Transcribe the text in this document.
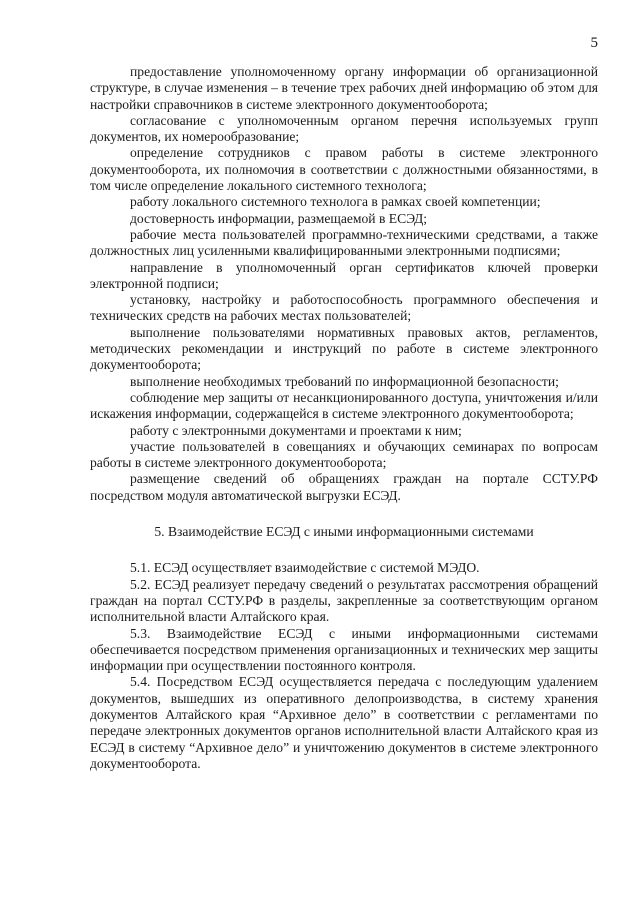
5

предоставление уполномоченному органу информации об организационной структуре, в случае изменения – в течение трех рабочих дней информацию об этом для настройки справочников в системе электронного документооборота;

согласование с уполномоченным органом перечня используемых групп документов, их номерообразование;

определение сотрудников с правом работы в системе электронного документооборота, их полномочия в соответствии с должностными обязанностями, в том числе определение локального системного технолога;

работу локального системного технолога в рамках своей компетенции;

достоверность информации, размещаемой в ЕСЭД;

рабочие места пользователей программно-техническими средствами, а также должностных лиц усиленными квалифицированными электронными подписями;

направление в уполномоченный орган сертификатов ключей проверки электронной подписи;

установку, настройку и работоспособность программного обеспечения и технических средств на рабочих местах пользователей;

выполнение пользователями нормативных правовых актов, регламентов, методических рекомендации и инструкций по работе в системе электронного документооборота;

выполнение необходимых требований по информационной безопасности;

соблюдение мер защиты от несанкционированного доступа, уничтожения и/или искажения информации, содержащейся в системе электронного документооборота;

работу с электронными документами и проектами к ним;

участие пользователей в совещаниях и обучающих семинарах по вопросам работы в системе электронного документооборота;

размещение сведений об обращениях граждан на портале ССТУ.РФ посредством модуля автоматической выгрузки ЕСЭД.

5. Взаимодействие ЕСЭД с иными информационными системами

5.1. ЕСЭД осуществляет взаимодействие с системой МЭДО.

5.2. ЕСЭД реализует передачу сведений о результатах рассмотрения обращений граждан на портал ССТУ.РФ в разделы, закрепленные за соответствующим органом исполнительной власти Алтайского края.

5.3. Взаимодействие ЕСЭД с иными информационными системами обеспечивается посредством применения организационных и технических мер защиты информации при осуществлении постоянного контроля.

5.4. Посредством ЕСЭД осуществляется передача с последующим удалением документов, вышедших из оперативного делопроизводства, в систему хранения документов Алтайского края “Архивное дело” в соответствии с регламентами по передаче электронных документов органов исполнительной власти Алтайского края из ЕСЭД в систему “Архивное дело” и уничтожению документов в системе электронного документооборота.
